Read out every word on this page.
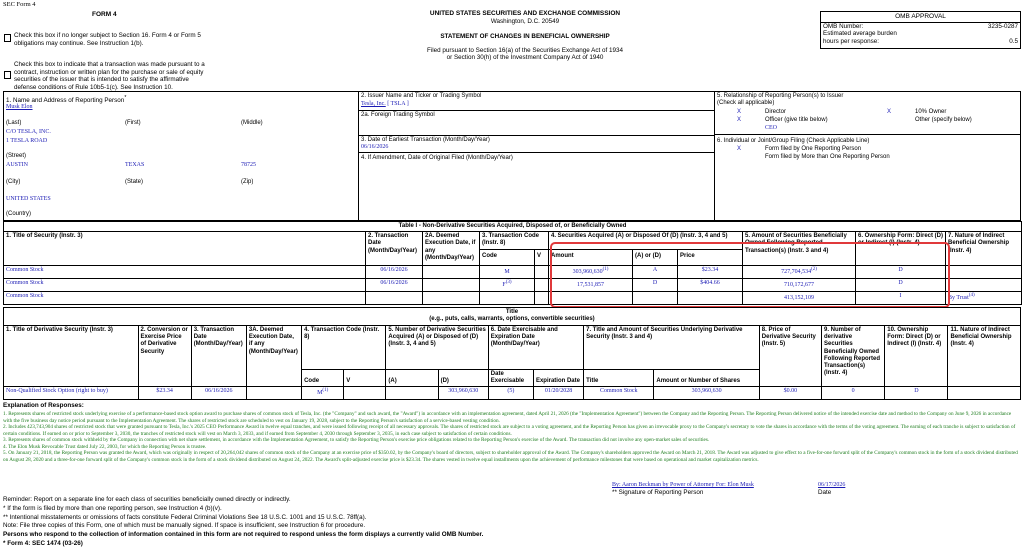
SEC Form 4
FORM 4
Check this box if no longer subject to Section 16. Form 4 or Form 5 obligations may continue. See Instruction 1(b).
Check this box to indicate that a transaction was made pursuant to a contract, instruction or written plan for the purchase or sale of equity securities of the issuer that is intended to satisfy the affirmative defense conditions of Rule 10b5-1(c). See Instruction 10.
UNITED STATES SECURITIES AND EXCHANGE COMMISSION
Washington, D.C. 20549
STATEMENT OF CHANGES IN BENEFICIAL OWNERSHIP
Filed pursuant to Section 16(a) of the Securities Exchange Act of 1934
or Section 30(h) of the Investment Company Act of 1940
OMB APPROVAL
OMB Number:	3235-0287
Estimated average burden	
hours per response:	0.5
1. Name and Address of Reporting Person*
Musk Elon
(Last)	(First)	(Middle)
C/O TESLA, INC.
1 TESLA ROAD
(Street)
AUSTIN	TEXAS	78725
(City)	(State)	(Zip)
UNITED STATES
(Country)
2. Issuer Name and Ticker or Trading Symbol
Tesla, Inc. [ TSLA ]
2a. Foreign Trading Symbol
3. Date of Earliest Transaction (Month/Day/Year)
06/16/2026
4. If Amendment, Date of Original Filed (Month/Day/Year)
5. Relationship of Reporting Person(s) to Issuer
(Check all applicable)
X	Director	X	10% Owner
X	Officer (give title below)	Other (specify below)
CEO
6. Individual or Joint/Group Filing (Check Applicable Line)
X	Form filed by One Reporting Person
Form filed by More than One Reporting Person
Table I - Non-Derivative Securities Acquired, Disposed of, or Beneficially Owned										
1. Title of Security (Instr. 3)	2. Transaction Date (Month/Day/Year)	2A. Deemed Execution Date, if any (Month/Day/Year)	3. Transaction Code (Instr. 8)		4. Securities Acquired (A) or Disposed Of (D) (Instr. 3, 4 and 5)			5. Amount of Securities Beneficially Owned Following Reported Transaction(s) (Instr. 3 and 4)	6. Ownership Form: Direct (D) or Indirect (I) (Instr. 4)	7. Nature of Indirect Beneficial Ownership (Instr. 4)
			Code	V	Amount	(A) or (D)	Price			
Common Stock	06/16/2026		M		303,960,630$^{(1)}$	A	$23.34	727,704,534$^{(2)}$	D	
Common Stock	06/16/2026		$F^{(3)}$		17,531,857	D	$404.66	710,172,677	D	
Common Stock								413,152,109	I	By Trust$^{(4)}$
Title
(e.g., puts, calls, warrants, options, convertible securities)															

1. Title of Derivative Security (Instr. 3)	2. Conversion or Exercise Price of Derivative Security	3. Transaction Date (Month/Day/Year)	3A. Deemed Execution Date, if any (Month/Day/Year)	4. Transaction Code (Instr. 8)		5. Number of Derivative Securities Acquired (A) or Disposed of (D) (Instr. 3, 4 and 5)		6. Date Exercisable and Expiration Date (Month/Day/Year)		7. Title and Amount of Securities Underlying Derivative Security (Instr. 3 and 4)		8. Price of Derivative Security (Instr. 5)	9. Number of derivative Securities Beneficially Owned Following Reported Transaction(s) (Instr. 4)	10. Ownership Form: Direct (D) or Indirect (I) (Instr. 4)	11. Nature of Indirect Beneficial Ownership (Instr. 4)
				Code	V	(A)	(D)	Date Exercisable	Expiration Date	Title	Amount or Number of Shares				
Non-Qualified Stock Option (right to buy)	$23.34	06/16/2026		$M^{(1)}$			303,960,630	(5)	01/20/2028	Common Stock	303,960,630	$0.00	0	D	
Explanation of Responses:
1. Represents shares of restricted stock underlying exercise of a performance-based stock option award to purchase shares of common stock of Tesla, Inc. (the "Company" and such award, the "Award") in accordance with an implementation agreement, dated April 21, 2026 (the "Implementation Agreement") between the Company and the Reporting Person. The Reporting Person delivered notice of the intended exercise date and method to the Company on June 9, 2026 in accordance with the five business day notice period pursuant to the Implementation Agreement. The shares of restricted stock are scheduled to vest on January 19, 2028, subject to the Reporting Person's satisfaction of a service-based vesting condition.
2. Includes 423,743,904 shares of restricted stock that were granted pursuant to Tesla, Inc.'s 2025 CEO Performance Award in twelve equal tranches, and were issued following receipt of all necessary approvals. The shares of restricted stock are subject to a voting agreement, and the Reporting Person has given an irrevocable proxy to the Company's secretary to vote the shares in accordance with the terms of the voting agreement. The earning of each tranche is subject to satisfaction of certain conditions. If earned on or prior to September 3, 2030, the tranches of restricted stock will vest on March 3, 2033, and if earned from September 4, 2030 through September 3, 2035, in each case subject to satisfaction of certain conditions.
3. Represents shares of common stock withheld by the Company in connection with net share settlement, in accordance with the Implementation Agreement, to satisfy the Reporting Person's exercise price obligations related to the Reporting Person's exercise of the Award. The transaction did not involve any open-market sales of securities.
4. The Elon Musk Revocable Trust dated July 22, 2003, for which the Reporting Person is trustee.
5. On January 21, 2018, the Reporting Person was granted the Award, which was originally in respect of 20,264,042 shares of common stock of the Company at an exercise price of $350.02, by the Company's board of directors, subject to shareholder approval of the Award. The Company's shareholders approved the Award on March 21, 2018. The Award was adjusted to give effect to a five-for-one forward split of the Company's common stock in the form of a stock dividend distributed on August 28, 2020 and a three-for-one forward split of the Company's common stock in the form of a stock dividend distributed on August 24, 2022. The Award's split-adjusted exercise price is $23.34. The shares vested in twelve equal installments upon the achievement of performance milestones that were based on operational and market capitalization metrics.
By: Aaron Beckman by Power of Attorney For: Elon Musk
** Signature of Reporting Person
06/17/2026
Date
Reminder: Report on a separate line for each class of securities beneficially owned directly or indirectly.
* If the form is filed by more than one reporting person, see Instruction 4 (b)(v).
** Intentional misstatements or omissions of facts constitute Federal Criminal Violations See 18 U.S.C. 1001 and 15 U.S.C. 78ff(a).
Note: File three copies of this Form, one of which must be manually signed. If space is insufficient, see Instruction 6 for procedure.
Persons who respond to the collection of information contained in this form are not required to respond unless the form displays a currently valid OMB Number.
* Form 4: SEC 1474 (03-26)
